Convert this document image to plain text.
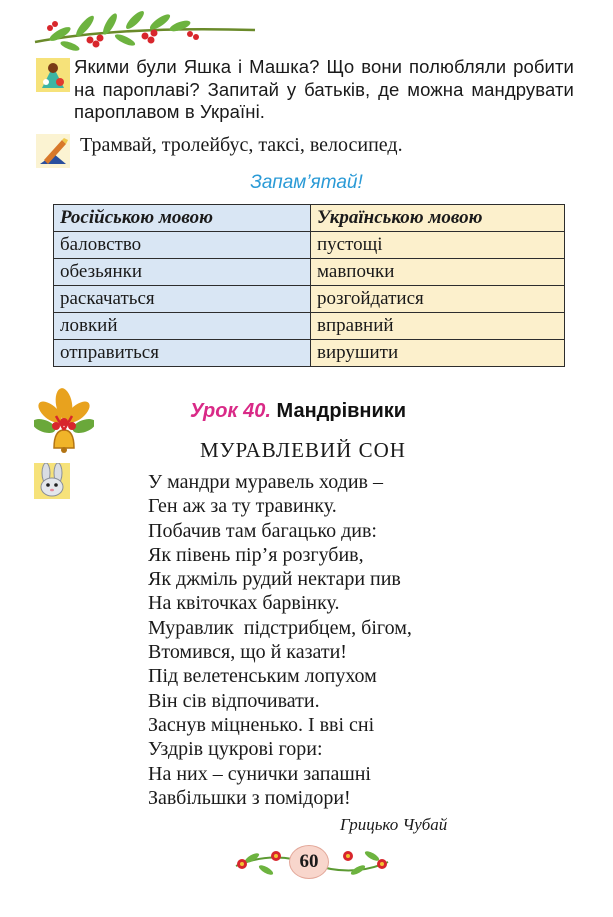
Якими були Яшка і Машка? Що вони полюбляли робити на пароплаві? Запитай у батьків, де можна мандрувати пароплавом в Україні.
Трамвай, тролейбус, таксі, велосипед.
Запам’ятай!
Російською мовою	Українською мовою
баловство	пустощі
обезьянки	мавпочки
раскачаться	розгойдатися
ловкий	вправний
отправиться	вирушити
Урок 40. Мандрівники
МУРАВЛЕВИЙ СОН
У мандри муравель ходив –
Ген аж за ту травинку.
Побачив там багацько див:
Як півень пір’я розгубив,
Як джміль рудий нектари пив
На квіточках барвінку.
Муравлик  підстрибцем, бігом,
Втомився, що й казати!
Під велетенським лопухом
Він сів відпочивати.
Заснув міцненько. І вві сні
Уздрів цукрові гори:
На них – сунички запашні
Завбільшки з помідори!
Грицько Чубай
60
